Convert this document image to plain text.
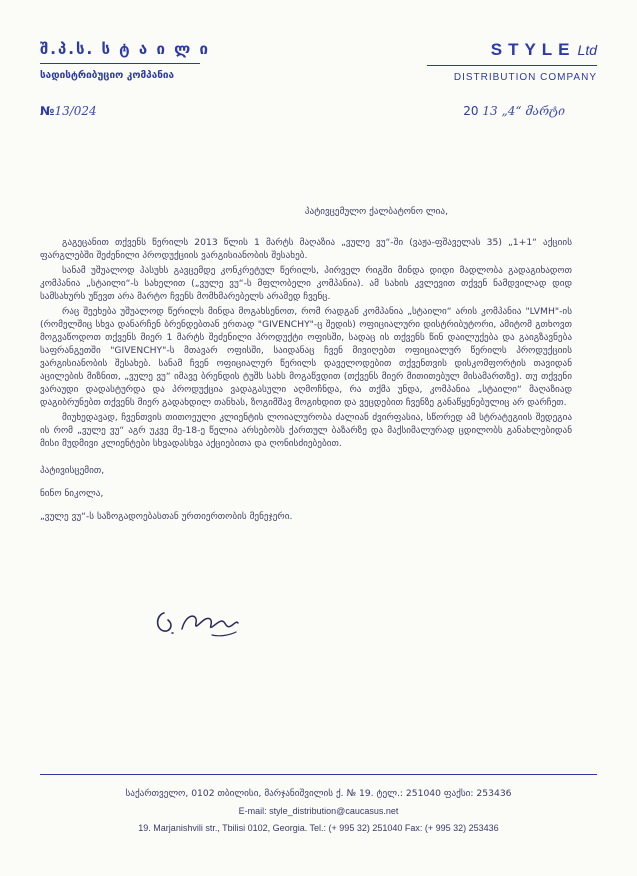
შ.პ.ს. ს ტ ა ი ლ ი
სადისტრიბუციო კომპანია
STYLE Ltd
DISTRIBUTION COMPANY
№13/024	20 13 „4“ მარტი
პატივცემულო ქალბატონო ლია,

გაგეცანით თქვენს წერილს 2013 წლის 1 მარტს მაღაზია „ვულე ვუ“-ში (ვაჟა-ფშაველას 35) „1+1“ აქციის ფარგლებში შეძენილი პროდუქციის ვარგისიანობის შესახებ.

სანამ უშუალოდ პასუხს გავცემდე კონკრეტულ წერილს, პირველ რიგში მინდა დიდი მადლობა გადაგიხადოთ კომპანია „სტაილი“-ს სახელით („ვულე ვუ“-ს მფლობელი კომპანია). ამ სახის კვლევით თქვენ ნამდვილად დიდ სამსახურს უწევთ არა მარტო ჩვენს მომხმარებელს არამედ ჩვენც.

რაც შეეხება უშუალოდ წერილს მინდა მოგახსენოთ, რომ რადგან კომპანია „სტაილი“ არის კომპანია "LVMH"-ის (რომელშიც სხვა დანარჩენ ბრენდებთან ერთად "GIVENCHY"-ც შედის) ოფიციალური დისტრიბუტორი, ამიტომ გთხოვთ მოგვაწოდოთ თქვენს მიერ 1 მარტს შეძენილი პროდუქტი ოფისში, სადაც ის თქვენს წინ დაილუქება და გაიგზავნება საფრანგეთში "GIVENCHY"-ს მთავარ ოფისში, საიდანაც ჩვენ მივიღებთ ოფიციალურ წერილს პროდუქციის ვარგისიანობის შესახებ. სანამ ჩვენ ოფიციალურ წერილს დაველოდებით თქვენთვის დისკომფორტის თავიდან აცილების მიზნით, „ვულე ვუ“ იმავე ბრენდის ტუშს სახს მოგაწვდით (თქვენს მიერ მითითებულ მისამართზე). თუ თქვენი ვარაუდი დადასტურდა და პროდუქცია ვადაგასული აღმოჩნდა, რა თქმა უნდა, კომპანია „სტაილი“ მაღაზიად დაგიბრუნებთ თქვენს მიერ გადახდილ თანხას, ზოგიმშავ მოგიხდით და ვეცდებით ჩვენზე განაწყენებულიც არ დარჩეთ.

მიუხედავად, ჩვენთვის თითოეული კლიენტის ლოიალურობა ძალიან ძვირფასია, სწორედ ამ სტრატეგიის შედეგია ის რომ „ვულე ვუ“ აგრ უკვე მე-18-ე წელია არსებობს ქართულ ბაზარზე და მაქსიმალურად ცდილობს განახლებიდან მისი მუდმივი კლიენტები სხვადასხვა აქციებითა და ღონისძიებებით.

პატივისცემით,
ნინო ნიკოლა,
„ვულე ვუ“-ს საზოგადოებასთან ურთიერთობის მენეჯერი.
საქართველო, 0102 თბილისი, მარჯანიშვილის ქ. № 19. ტელ.: 251040 ფაქსი: 253436
E-mail: style_distribution@caucasus.net
19. Marjanishvili str., Tbilisi 0102, Georgia. Tel.: (+ 995 32) 251040 Fax: (+ 995 32) 253436
